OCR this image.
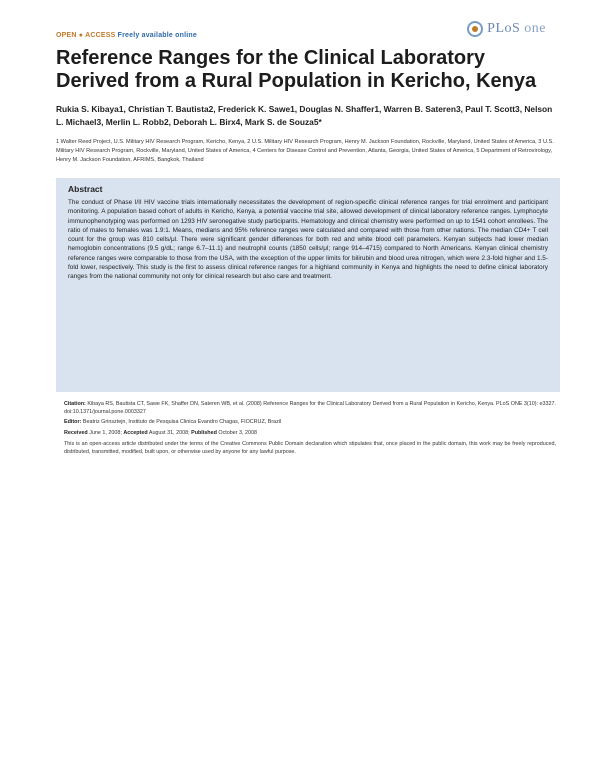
OPEN ● ACCESS Freely available online	PLoS one
Reference Ranges for the Clinical Laboratory Derived from a Rural Population in Kericho, Kenya
Rukia S. Kibaya1, Christian T. Bautista2, Frederick K. Sawe1, Douglas N. Shaffer1, Warren B. Sateren3, Paul T. Scott3, Nelson L. Michael3, Merlin L. Robb2, Deborah L. Birx4, Mark S. de Souza5*
1 Walter Reed Project, U.S. Military HIV Research Program, Kericho, Kenya, 2 U.S. Military HIV Research Program, Henry M. Jackson Foundation, Rockville, Maryland, United States of America, 3 U.S. Military HIV Research Program, Rockville, Maryland, United States of America, 4 Centers for Disease Control and Prevention, Atlanta, Georgia, United States of America, 5 Department of Retrovirology, Henry M. Jackson Foundation, AFRIMS, Bangkok, Thailand
Abstract

The conduct of Phase I/II HIV vaccine trials internationally necessitates the development of region-specific clinical reference ranges for trial enrolment and participant monitoring. A population based cohort of adults in Kericho, Kenya, a potential vaccine trial site, allowed development of clinical laboratory reference ranges. Lymphocyte immunophenotyping was performed on 1293 HIV seronegative study participants. Hematology and clinical chemistry were performed on up to 1541 cohort enrollees. The ratio of males to females was 1.9:1. Means, medians and 95% reference ranges were calculated and compared with those from other nations. The median CD4+ T cell count for the group was 810 cells/μl. There were significant gender differences for both red and white blood cell parameters. Kenyan subjects had lower median hemoglobin concentrations (9.5 g/dL; range 6.7–11.1) and neutrophil counts (1850 cells/μl; range 914–4715) compared to North Americans. Kenyan clinical chemistry reference ranges were comparable to those from the USA, with the exception of the upper limits for bilirubin and blood urea nitrogen, which were 2.3-fold higher and 1.5-fold lower, respectively. This study is the first to assess clinical reference ranges for a highland community in Kenya and highlights the need to define clinical laboratory ranges from the national community not only for clinical research but also care and treatment.

Citation: Kibaya RS, Bautista CT, Sawe FK, Shaffer DN, Sateren WB, et al. (2008) Reference Ranges for the Clinical Laboratory Derived from a Rural Population in Kericho, Kenya. PLoS ONE 3(10): e3327. doi:10.1371/journal.pone.0003327
Editor: Beatriz Grinsztejn, Instituto de Pesquisa Clinica Evandro Chagas, FIOCRUZ, Brazil
Received June 1, 2008; Accepted August 31, 2008; Published October 3, 2008
This is an open-access article distributed under the terms of the Creative Commons Public Domain declaration which stipulates that, once placed in the public domain, this work may be freely reproduced, distributed, transmitted, modified, built upon, or otherwise used by anyone for any lawful purpose.
